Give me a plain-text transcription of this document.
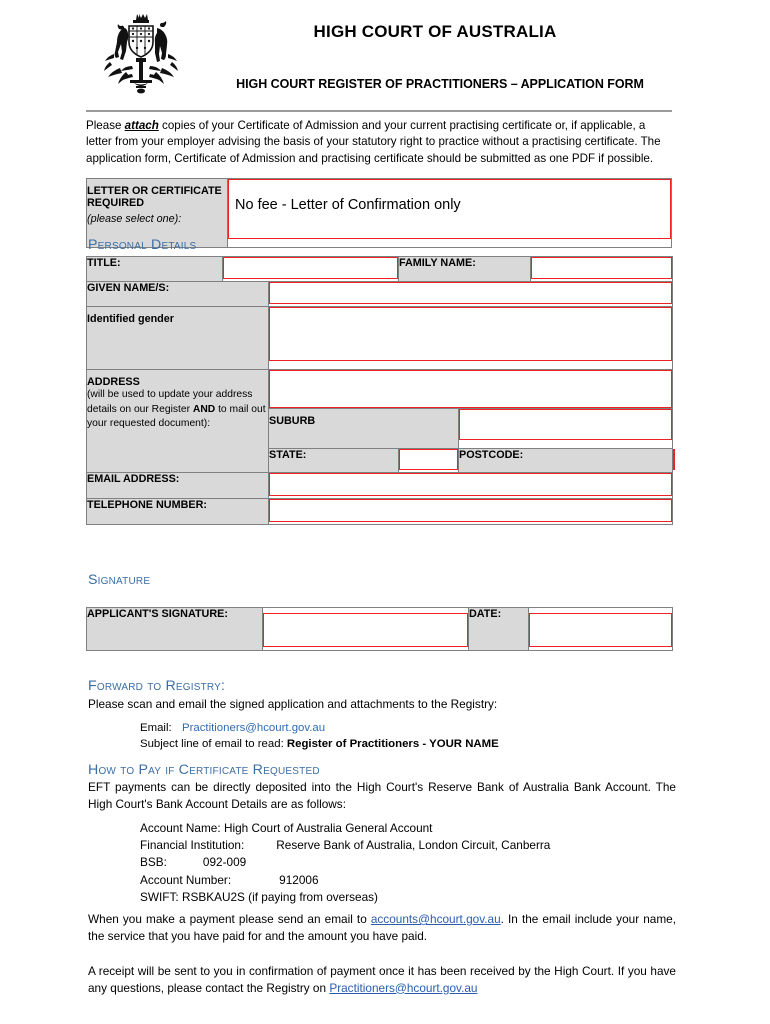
HIGH COURT OF AUSTRALIA
HIGH COURT REGISTER OF PRACTITIONERS – APPLICATION FORM
Please attach copies of your Certificate of Admission and your current practising certificate or, if applicable, a letter from your employer advising the basis of your statutory right to practice without a practising certificate. The application form, Certificate of Admission and practising certificate should be submitted as one PDF if possible.
LETTER OR CERTIFICATE
REQUIRED
(please select one):

No fee - Letter of Confirmation only
Personal Details
TITLE:			FAMILY NAME:			

GIVEN NAME/S:						

Identified gender						

ADDRESS
(will be used to update your address details on our Register AND to mail out your requested document):						

		SUBURB				

		STATE:		POSTCODE:		

EMAIL ADDRESS:						

TELEPHONE NUMBER:						
Signature
APPLICANT'S SIGNATURE:		DATE:	
Forward to Registry:
Please scan and email the signed application and attachments to the Registry:
Email: Practitioners@hcourt.gov.au
Subject line of email to read: Register of Practitioners - YOUR NAME
How to Pay if Certificate Requested
EFT payments can be directly deposited into the High Court's Reserve Bank of Australia Bank Account. The High Court's Bank Account Details are as follows:
Account Name: High Court of Australia General Account
Financial Institution:	Reserve Bank of Australia, London Circuit, Canberra
BSB:	092-009
Account Number:	912006
SWIFT: RSBKAU2S (if paying from overseas)
When you make a payment please send an email to accounts@hcourt.gov.au. In the email include your name, the service that you have paid for and the amount you have paid.
A receipt will be sent to you in confirmation of payment once it has been received by the High Court. If you have any questions, please contact the Registry on Practitioners@hcourt.gov.au
